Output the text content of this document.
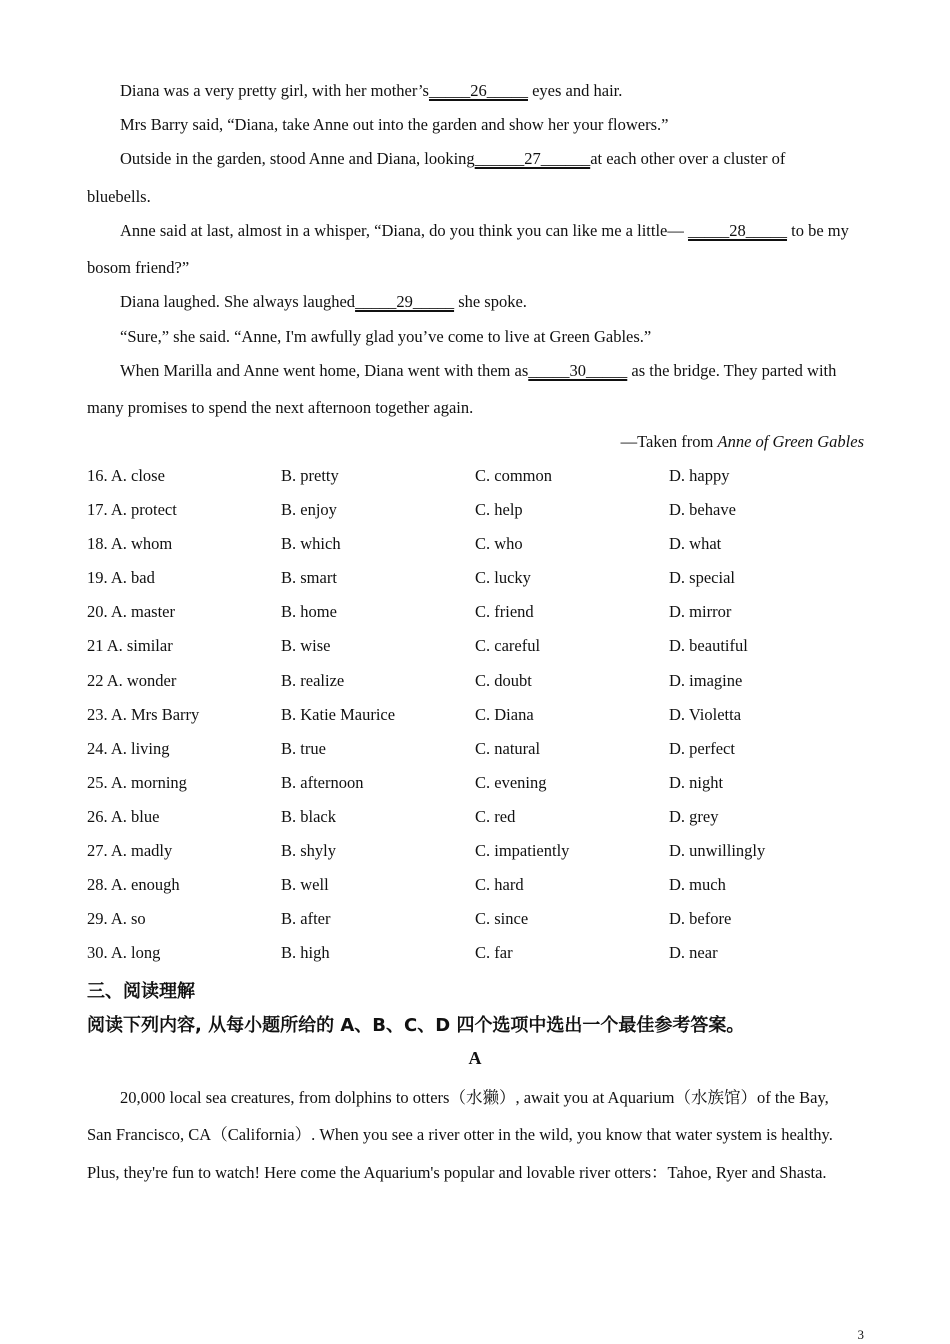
Diana was a very pretty girl, with her mother’s_____26_____ eyes and hair.
Mrs Barry said, “Diana, take Anne out into the garden and show her your flowers.”
Outside in the garden, stood Anne and Diana, looking______27______at each other over a cluster of
bluebells.
Anne said at last, almost in a whisper, “Diana, do you think you can like me a little— _____28_____ to be my
bosom friend?”
Diana laughed. She always laughed_____29_____ she spoke.
“Sure,” she said. “Anne, I'm awfully glad you’ve come to live at Green Gables.”
When Marilla and Anne went home, Diana went with them as_____30_____ as the bridge. They parted with
many promises to spend the next afternoon together again.
—Taken from Anne of Green Gables
16. A. close	B. pretty	C. common	D. happy
17. A. protect	B. enjoy	C. help	D. behave
18. A. whom	B. which	C. who	D. what
19. A. bad	B. smart	C. lucky	D. special
20. A. master	B. home	C. friend	D. mirror
21 A. similar	B. wise	C. careful	D. beautiful
22 A. wonder	B. realize	C. doubt	D. imagine
23. A. Mrs Barry	B. Katie Maurice	C. Diana	D. Violetta
24. A. living	B. true	C. natural	D. perfect
25. A. morning	B. afternoon	C. evening	D. night
26. A. blue	B. black	C. red	D. grey
27. A. madly	B. shyly	C. impatiently	D. unwillingly
28. A. enough	B. well	C. hard	D. much
29. A. so	B. after	C. since	D. before
30. A. long	B. high	C. far	D. near
三、阅读理解
阅读下列内容, 从每小题所给的 A、B、C、D 四个选项中选出一个最佳参考答案。
A
20,000 local sea creatures, from dolphins to otters（水獭）, await you at Aquarium（水族馆）of the Bay,
San Francisco, CA（California）. When you see a river otter in the wild, you know that water system is healthy.
Plus, they're fun to watch! Here come the Aquarium's popular and lovable river otters：Tahoe, Ryer and Shasta.
3
